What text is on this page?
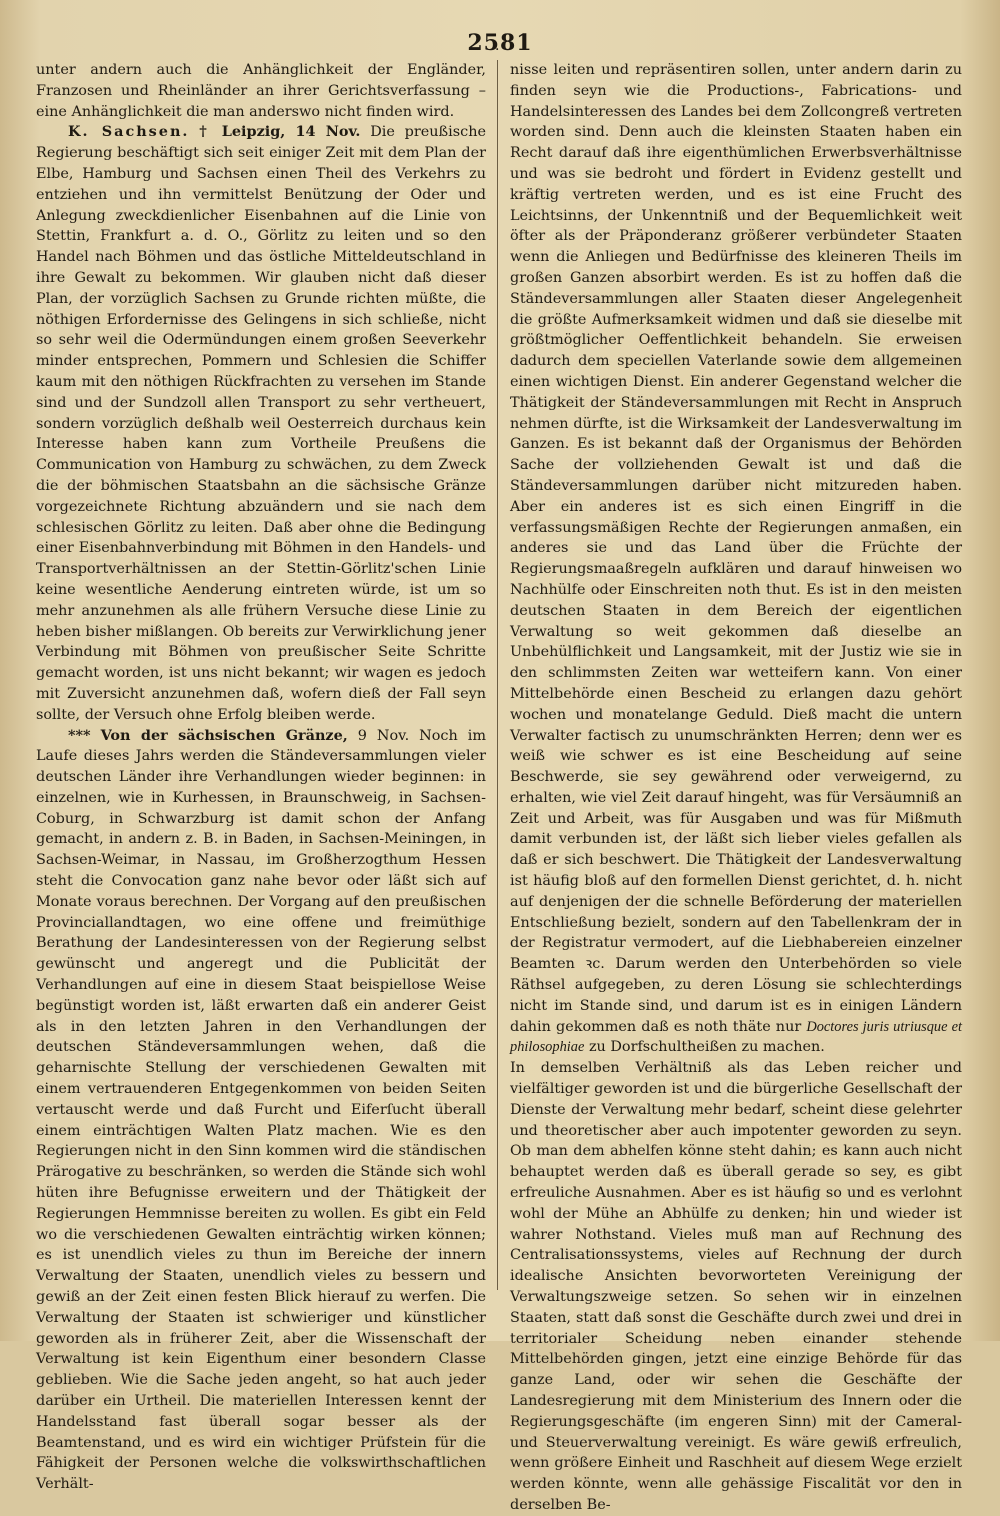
2581

unter andern auch die Anhänglichkeit der Engländer, Franzosen und Rheinländer an ihrer Gerichtsverfassung – eine Anhänglichkeit die man anderswo nicht finden wird.

K. Sachsen. † Leipzig, 14 Nov. Die preußische Regierung beschäftigt sich seit einiger Zeit mit dem Plan der Elbe, Hamburg und Sachsen einen Theil des Verkehrs zu entziehen und ihn vermittelst Benützung der Oder und Anlegung zweckdienlicher Eisenbahnen auf die Linie von Stettin, Frankfurt a. d. O., Görlitz zu leiten und so den Handel nach Böhmen und das östliche Mitteldeutschland in ihre Gewalt zu bekommen. Wir glauben nicht daß dieser Plan, der vorzüglich Sachsen zu Grunde richten müßte, die nöthigen Erfordernisse des Gelingens in sich schließe, nicht so sehr weil die Odermündungen einem großen Seeverkehr minder entsprechen, Pommern und Schlesien die Schiffer kaum mit den nöthigen Rückfrachten zu versehen im Stande sind und der Sundzoll allen Transport zu sehr vertheuert, sondern vorzüglich deßhalb weil Oesterreich durchaus kein Interesse haben kann zum Vortheile Preußens die Communication von Hamburg zu schwächen, zu dem Zweck die der böhmischen Staatsbahn an die sächsische Gränze vorgezeichnete Richtung abzuändern und sie nach dem schlesischen Görlitz zu leiten. Daß aber ohne die Bedingung einer Eisenbahnverbindung mit Böhmen in den Handels- und Transportverhältnissen an der Stettin-Görlitz'schen Linie keine wesentliche Aenderung eintreten würde, ist um so mehr anzunehmen als alle frühern Versuche diese Linie zu heben bisher mißlangen. Ob bereits zur Verwirklichung jener Verbindung mit Böhmen von preußischer Seite Schritte gemacht worden, ist uns nicht bekannt; wir wagen es jedoch mit Zuversicht anzunehmen daß, wofern dieß der Fall seyn sollte, der Versuch ohne Erfolg bleiben werde.

*** Von der sächsischen Gränze, 9 Nov. Noch im Laufe dieses Jahrs werden die Ständeversammlungen vieler deutschen Länder ihre Verhandlungen wieder beginnen: in einzelnen, wie in Kurhessen, in Braunschweig, in Sachsen-Coburg, in Schwarzburg ist damit schon der Anfang gemacht, in andern z. B. in Baden, in Sachsen-Meiningen, in Sachsen-Weimar, in Nassau, im Großherzogthum Hessen steht die Convocation ganz nahe bevor oder läßt sich auf Monate voraus berechnen. Der Vorgang auf den preußischen Provinciallandtagen, wo eine offene und freimüthige Berathung der Landesinteressen von der Regierung selbst gewünscht und angeregt und die Publicität der Verhandlungen auf eine in diesem Staat beispiellose Weise begünstigt worden ist, läßt erwarten daß ein anderer Geist als in den letzten Jahren in den Verhandlungen der deutschen Ständeversammlungen wehen, daß die geharnischte Stellung der verschiedenen Gewalten mit einem vertrauenderen Entgegenkommen von beiden Seiten vertauscht werde und daß Furcht und Eiferſucht überall einem einträchtigen Walten Platz machen. Wie es den Regierungen nicht in den Sinn kommen wird die ständischen Prärogative zu beschränken, so werden die Stände sich wohl hüten ihre Befugnisse erweitern und der Thätigkeit der Regierungen Hemmnisse bereiten zu wollen. Es gibt ein Feld wo die verschiedenen Gewalten einträchtig wirken können; es ist unendlich vieles zu thun im Bereiche der innern Verwaltung der Staaten, unendlich vieles zu bessern und gewiß an der Zeit einen festen Blick hierauf zu werfen. Die Verwaltung der Staaten ist schwieriger und künstlicher geworden als in früherer Zeit, aber die Wissenschaft der Verwaltung ist kein Eigenthum einer besondern Classe geblieben. Wie die Sache jeden angeht, so hat auch jeder darüber ein Urtheil. Die materiellen Interessen kennt der Handelsstand fast überall sogar besser als der Beamtenstand, und es wird ein wichtiger Prüfstein für die Fähigkeit der Personen welche die volkswirthschaftlichen Verhält-

·

nisse leiten und repräsentiren sollen, unter andern darin zu finden seyn wie die Productions-, Fabrications- und Handelsinteressen des Landes bei dem Zollcongreß vertreten worden sind. Denn auch die kleinsten Staaten haben ein Recht darauf daß ihre eigenthümlichen Erwerbsverhältnisse und was sie bedroht und fördert in Evidenz gestellt und kräftig vertreten werden, und es ist eine Frucht des Leichtsinns, der Unkenntniß und der Bequemlichkeit weit öfter als der Präponderanz größerer verbündeter Staaten wenn die Anliegen und Bedürfnisse des kleineren Theils im großen Ganzen absorbirt werden. Es ist zu hoffen daß die Ständeversammlungen aller Staaten dieser Angelegenheit die größte Aufmerksamkeit widmen und daß sie dieselbe mit größtmöglicher Oeffentlichkeit behandeln. Sie erweisen dadurch dem speciellen Vaterlande sowie dem allgemeinen einen wichtigen Dienst. Ein anderer Gegenstand welcher die Thätigkeit der Ständeversammlungen mit Recht in Anspruch nehmen dürfte, ist die Wirksamkeit der Landesverwaltung im Ganzen. Es ist bekannt daß der Organismus der Behörden Sache der vollziehenden Gewalt ist und daß die Ständeversammlungen darüber nicht mitzureden haben. Aber ein anderes ist es sich einen Eingriff in die verfassungsmäßigen Rechte der Regierungen anmaßen, ein anderes sie und das Land über die Früchte der Regierungsmaaßregeln aufklären und darauf hinweisen wo Nachhülfe oder Einschreiten noth thut. Es ist in den meisten deutschen Staaten in dem Bereich der eigentlichen Verwaltung so weit gekommen daß dieselbe an Unbehülflichkeit und Langsamkeit, mit der Justiz wie sie in den schlimmsten Zeiten war wetteifern kann. Von einer Mittelbehörde einen Bescheid zu erlangen dazu gehört wochen und monatelange Geduld. Dieß macht die untern Verwalter factisch zu unumschränkten Herren; denn wer es weiß wie schwer es ist eine Bescheidung auf seine Beschwerde, sie sey gewährend oder verweigernd, zu erhalten, wie viel Zeit darauf hingeht, was für Versäumniß an Zeit und Arbeit, was für Ausgaben und was für Mißmuth damit verbunden ist, der läßt sich lieber vieles gefallen als daß er sich beschwert. Die Thätigkeit der Landesverwaltung ist häufig bloß auf den formellen Dienst gerichtet, d. h. nicht auf denjenigen der die schnelle Beförderung der materiellen Entschließung bezielt, sondern auf den Tabellenkram der in der Registratur vermodert, auf die Liebhabereien einzelner Beamten ꝛc. Darum werden den Unterbehörden so viele Räthsel aufgegeben, zu deren Lösung sie schlechterdings nicht im Stande sind, und darum ist es in einigen Ländern dahin gekommen daß es noth thäte nur Doctores juris utriusque et philosophiae zu Dorfschultheißen zu machen.

In demselben Verhältniß als das Leben reicher und vielfältiger geworden ist und die bürgerliche Gesellschaft der Dienste der Verwaltung mehr bedarf, scheint diese gelehrter und theoretischer aber auch impotenter geworden zu seyn. Ob man dem abhelfen könne steht dahin; es kann auch nicht behauptet werden daß es überall gerade so sey, es gibt erfreuliche Ausnahmen. Aber es ist häufig so und es verlohnt wohl der Mühe an Abhülfe zu denken; hin und wieder ist wahrer Nothstand. Vieles muß man auf Rechnung des Centralisationssystems, vieles auf Rechnung der durch idealische Ansichten bevorworteten Vereinigung der Verwaltungszweige setzen. So sehen wir in einzelnen Staaten, statt daß sonst die Geschäfte durch zwei und drei in territorialer Scheidung neben einander stehende Mittelbehörden gingen, jetzt eine einzige Behörde für das ganze Land, oder wir sehen die Geschäfte der Landesregierung mit dem Ministerium des Innern oder die Regierungsgeschäfte (im engeren Sinn) mit der Cameral- und Steuerverwaltung vereinigt. Es wäre gewiß erfreulich, wenn größere Einheit und Raschheit auf diesem Wege erzielt werden könnte, wenn alle gehässige Fiscalität vor den in derselben Be-
